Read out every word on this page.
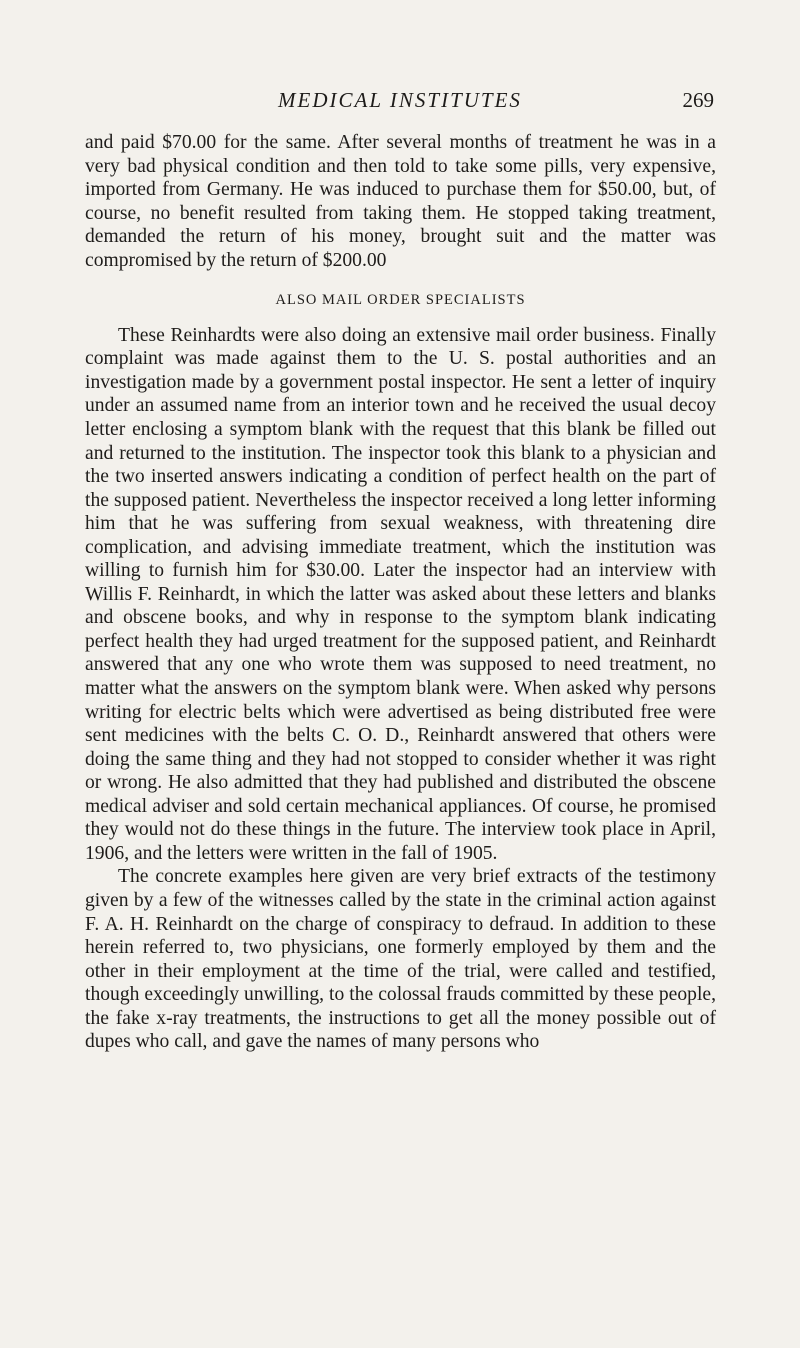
MEDICAL INSTITUTES	269

and paid $70.00 for the same. After several months of treatment he was in a very bad physical condition and then told to take some pills, very expensive, imported from Germany. He was induced to purchase them for $50.00, but, of course, no benefit resulted from taking them. He stopped taking treatment, demanded the return of his money, brought suit and the matter was compromised by the return of $200.00

ALSO MAIL ORDER SPECIALISTS

These Reinhardts were also doing an extensive mail order business. Finally complaint was made against them to the U. S. postal authorities and an investigation made by a government postal inspector. He sent a letter of inquiry under an assumed name from an interior town and he received the usual decoy letter enclosing a symptom blank with the request that this blank be filled out and returned to the institution. The inspector took this blank to a physician and the two inserted answers indicating a condition of perfect health on the part of the supposed patient. Nevertheless the inspector received a long letter informing him that he was suffering from sexual weakness, with threatening dire complication, and advising immediate treatment, which the institution was willing to furnish him for $30.00. Later the inspector had an interview with Willis F. Reinhardt, in which the latter was asked about these letters and blanks and obscene books, and why in response to the symptom blank indicating perfect health they had urged treatment for the supposed patient, and Reinhardt answered that any one who wrote them was supposed to need treatment, no matter what the answers on the symptom blank were. When asked why persons writing for electric belts which were advertised as being distributed free were sent medicines with the belts C. O. D., Reinhardt answered that others were doing the same thing and they had not stopped to consider whether it was right or wrong. He also admitted that they had published and distributed the obscene medical adviser and sold certain mechanical appliances. Of course, he promised they would not do these things in the future. The interview took place in April, 1906, and the letters were written in the fall of 1905.

The concrete examples here given are very brief extracts of the testimony given by a few of the witnesses called by the state in the criminal action against F. A. H. Reinhardt on the charge of conspiracy to defraud. In addition to these herein referred to, two physicians, one formerly employed by them and the other in their employment at the time of the trial, were called and testified, though exceedingly unwilling, to the colossal frauds committed by these people, the fake x-ray treatments, the instructions to get all the money possible out of dupes who call, and gave the names of many persons who
